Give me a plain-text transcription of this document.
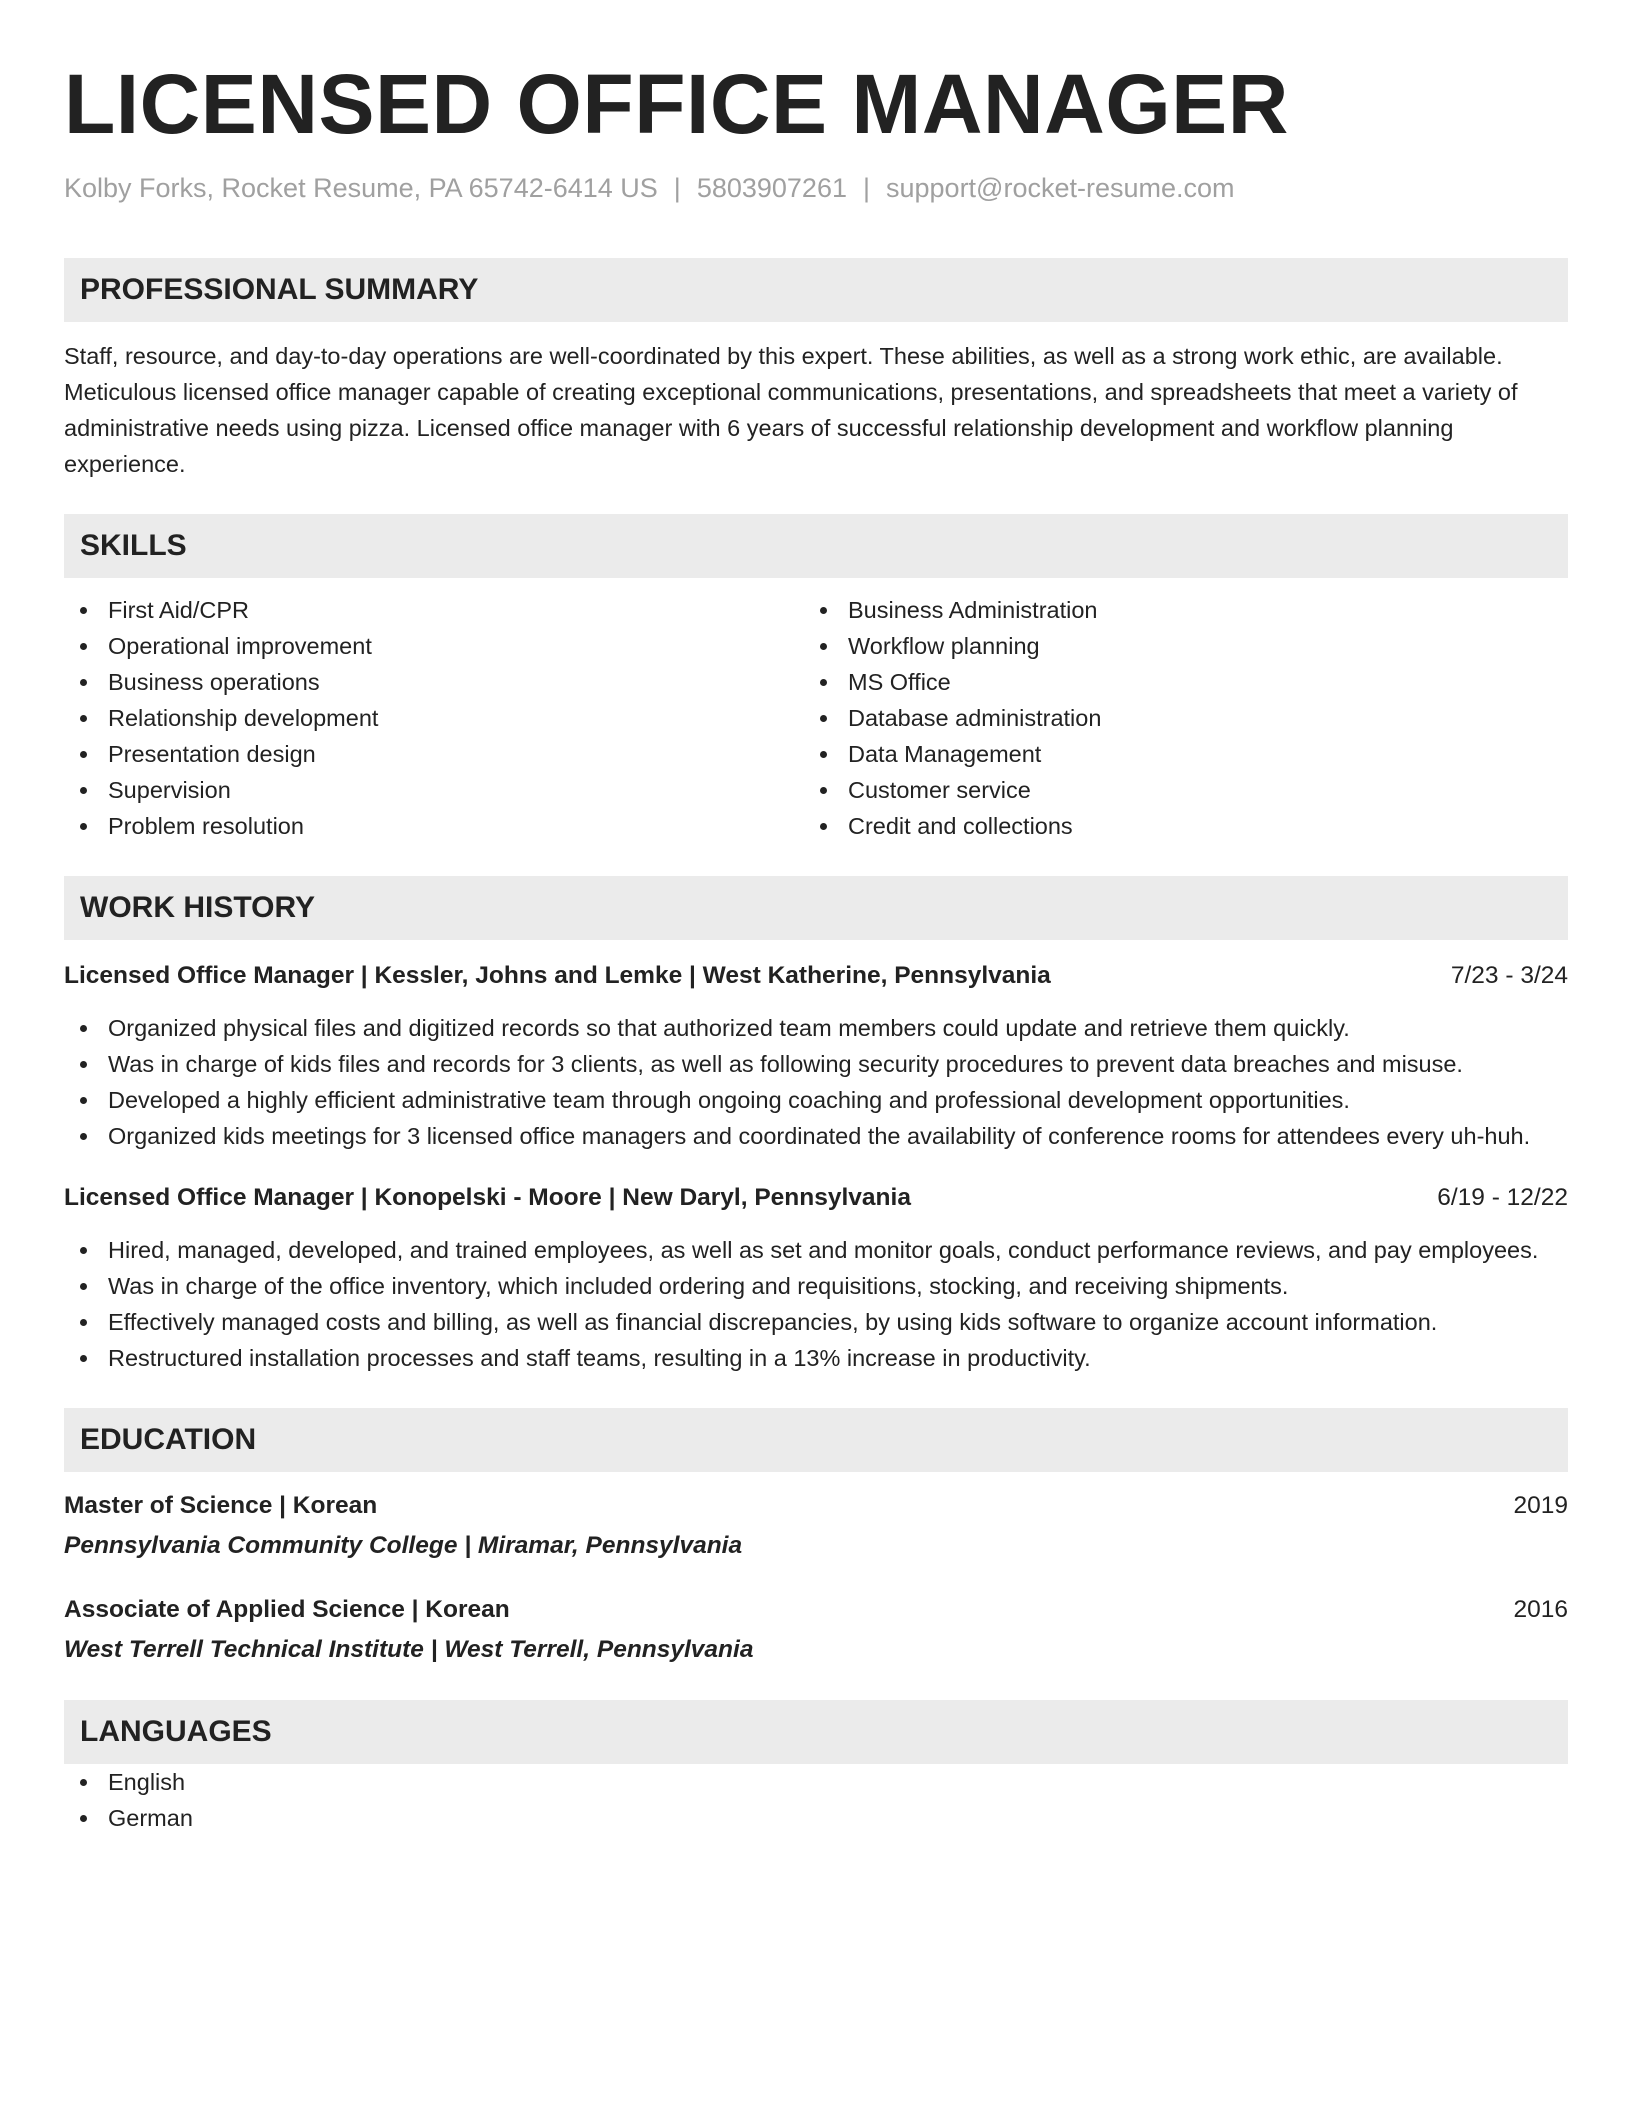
LICENSED OFFICE MANAGER
Kolby Forks, Rocket Resume, PA 65742-6414 US | 5803907261 | support@rocket-resume.com
PROFESSIONAL SUMMARY
Staff, resource, and day-to-day operations are well-coordinated by this expert. These abilities, as well as a strong work ethic, are available. Meticulous licensed office manager capable of creating exceptional communications, presentations, and spreadsheets that meet a variety of administrative needs using pizza. Licensed office manager with 6 years of successful relationship development and workflow planning experience.
SKILLS
First Aid/CPR
Operational improvement
Business operations
Relationship development
Presentation design
Supervision
Problem resolution
Business Administration
Workflow planning
MS Office
Database administration
Data Management
Customer service
Credit and collections
WORK HISTORY
Licensed Office Manager | Kessler, Johns and Lemke | West Katherine, Pennsylvania	7/23 - 3/24
Organized physical files and digitized records so that authorized team members could update and retrieve them quickly.
Was in charge of kids files and records for 3 clients, as well as following security procedures to prevent data breaches and misuse.
Developed a highly efficient administrative team through ongoing coaching and professional development opportunities.
Organized kids meetings for 3 licensed office managers and coordinated the availability of conference rooms for attendees every uh-huh.
Licensed Office Manager | Konopelski - Moore | New Daryl, Pennsylvania	6/19 - 12/22
Hired, managed, developed, and trained employees, as well as set and monitor goals, conduct performance reviews, and pay employees.
Was in charge of the office inventory, which included ordering and requisitions, stocking, and receiving shipments.
Effectively managed costs and billing, as well as financial discrepancies, by using kids software to organize account information.
Restructured installation processes and staff teams, resulting in a 13% increase in productivity.
EDUCATION
Master of Science | Korean	2019
Pennsylvania Community College | Miramar, Pennsylvania
Associate of Applied Science | Korean	2016
West Terrell Technical Institute | West Terrell, Pennsylvania
LANGUAGES
English
German
